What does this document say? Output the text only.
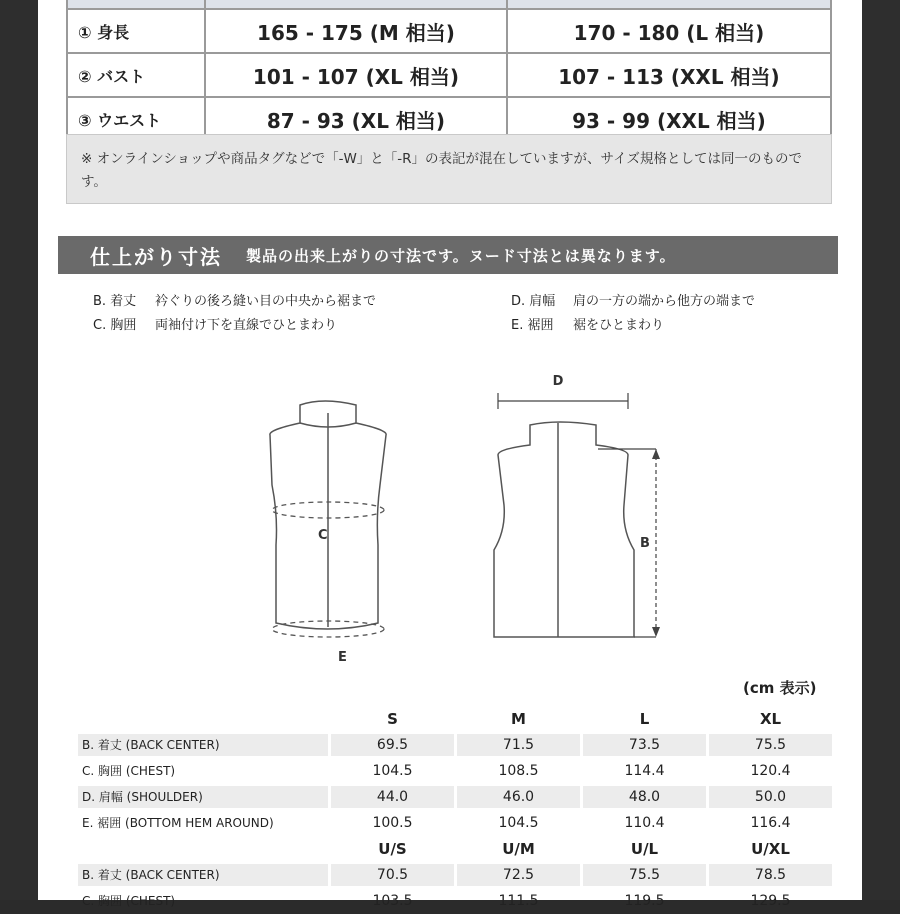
① 身長	165 - 175 (M 相当)	170 - 180 (L 相当)
② バスト	101 - 107 (XL 相当)	107 - 113 (XXL 相当)
③ ウエスト	87 - 93 (XL 相当)	93 - 99 (XXL 相当)
※ オンラインショップや商品タグなどで「-W」と「-R」の表記が混在していますが、サイズ規格としては同一のものです。
仕上がり寸法 製品の出来上がりの寸法です。ヌード寸法とは異なります。
B. 着丈 衿ぐりの後ろ縫い目の中央から裾まで
C. 胸囲 両袖付け下を直線でひとまわり
D. 肩幅 肩の一方の端から他方の端まで
E. 裾囲 裾をひとまわり
C
E
D
B
(cm 表示)
S	M	L	XL
B. 着丈 (BACK CENTER)	69.5	71.5	73.5	75.5
C. 胸囲 (CHEST)	104.5	108.5	114.4	120.4
D. 肩幅 (SHOULDER)	44.0	46.0	48.0	50.0
E. 裾囲 (BOTTOM HEM AROUND)	100.5	104.5	110.4	116.4
U/S	U/M	U/L	U/XL
B. 着丈 (BACK CENTER)	70.5	72.5	75.5	78.5
C. 胸囲 (CHEST)	103.5	111.5	119.5	129.5
